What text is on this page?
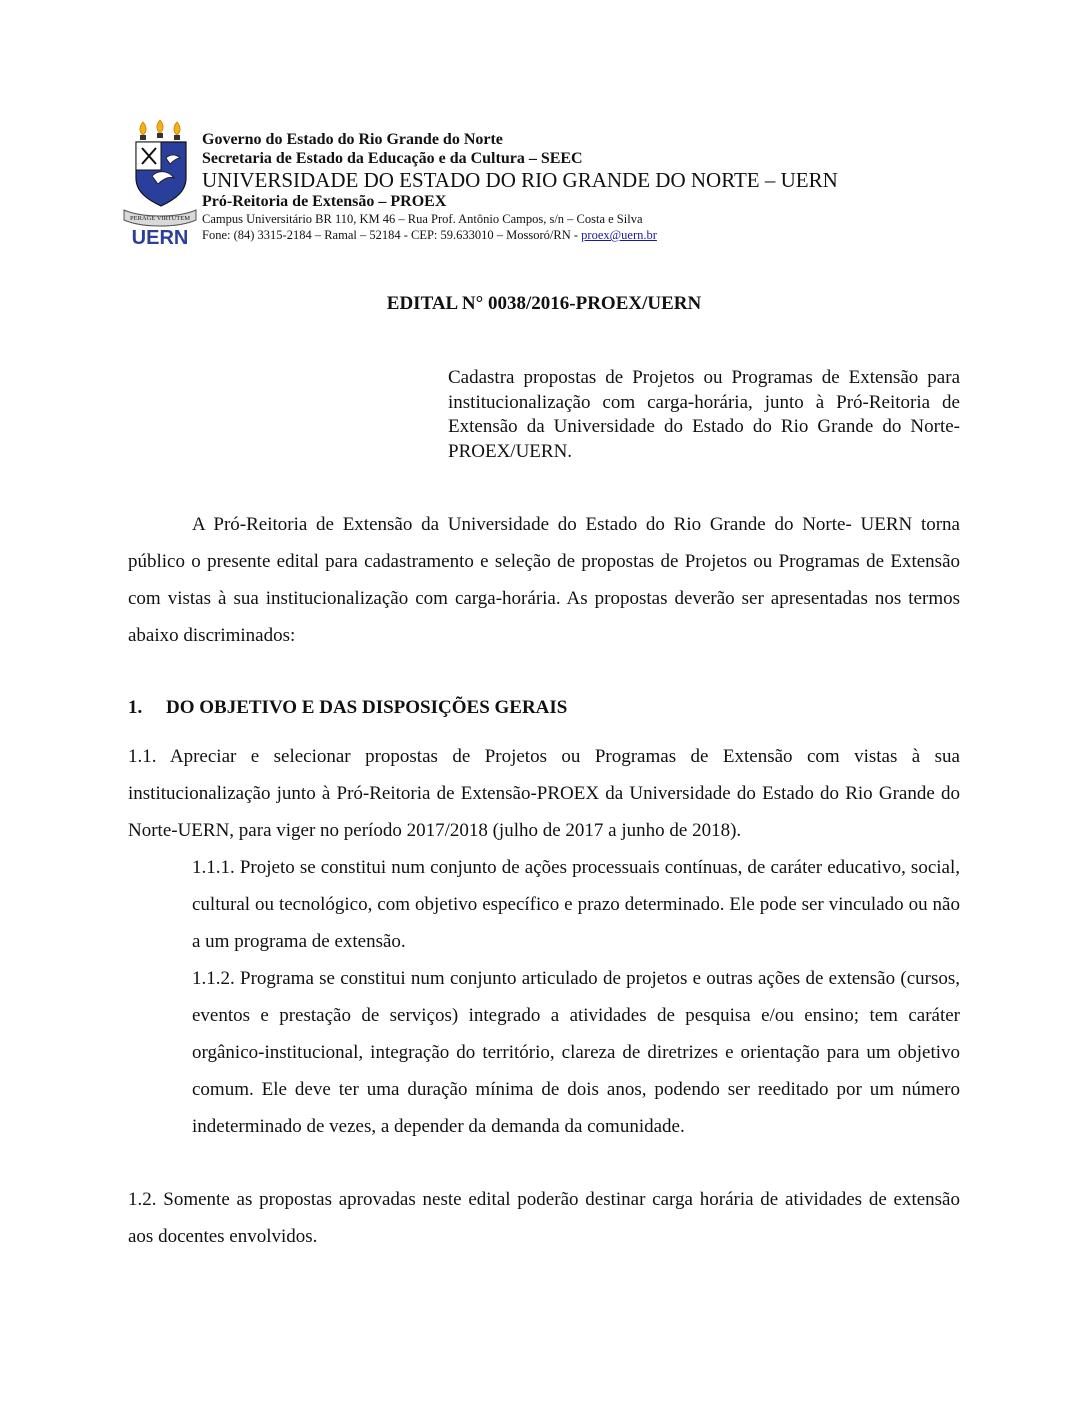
PERAGE VIRTUTEM
UERN
Governo do Estado do Rio Grande do Norte
Secretaria de Estado da Educação e da Cultura – SEEC
UNIVERSIDADE DO ESTADO DO RIO GRANDE DO NORTE – UERN
Pró-Reitoria de Extensão – PROEX
Campus Universitário BR 110, KM 46 – Rua Prof. Antônio Campos, s/n – Costa e Silva
Fone: (84) 3315-2184 – Ramal – 52184 - CEP: 59.633010 – Mossoró/RN - proex@uern.br
EDITAL N° 0038/2016-PROEX/UERN
Cadastra propostas de Projetos ou Programas de Extensão para institucionalização com carga-horária, junto à Pró-Reitoria de Extensão da Universidade do Estado do Rio Grande do Norte- PROEX/UERN.
A Pró-Reitoria de Extensão da Universidade do Estado do Rio Grande do Norte- UERN torna público o presente edital para cadastramento e seleção de propostas de Projetos ou Programas de Extensão com vistas à sua institucionalização com carga-horária. As propostas deverão ser apresentadas nos termos abaixo discriminados:
1. DO OBJETIVO E DAS DISPOSIÇÕES GERAIS
1.1. Apreciar e selecionar propostas de Projetos ou Programas de Extensão com vistas à sua institucionalização junto à Pró-Reitoria de Extensão-PROEX da Universidade do Estado do Rio Grande do Norte-UERN, para viger no período 2017/2018 (julho de 2017 a junho de 2018).
1.1.1. Projeto se constitui num conjunto de ações processuais contínuas, de caráter educativo, social, cultural ou tecnológico, com objetivo específico e prazo determinado. Ele pode ser vinculado ou não a um programa de extensão.
1.1.2. Programa se constitui num conjunto articulado de projetos e outras ações de extensão (cursos, eventos e prestação de serviços) integrado a atividades de pesquisa e/ou ensino; tem caráter orgânico-institucional, integração do território, clareza de diretrizes e orientação para um objetivo comum. Ele deve ter uma duração mínima de dois anos, podendo ser reeditado por um número indeterminado de vezes, a depender da demanda da comunidade.
1.2. Somente as propostas aprovadas neste edital poderão destinar carga horária de atividades de extensão aos docentes envolvidos.
